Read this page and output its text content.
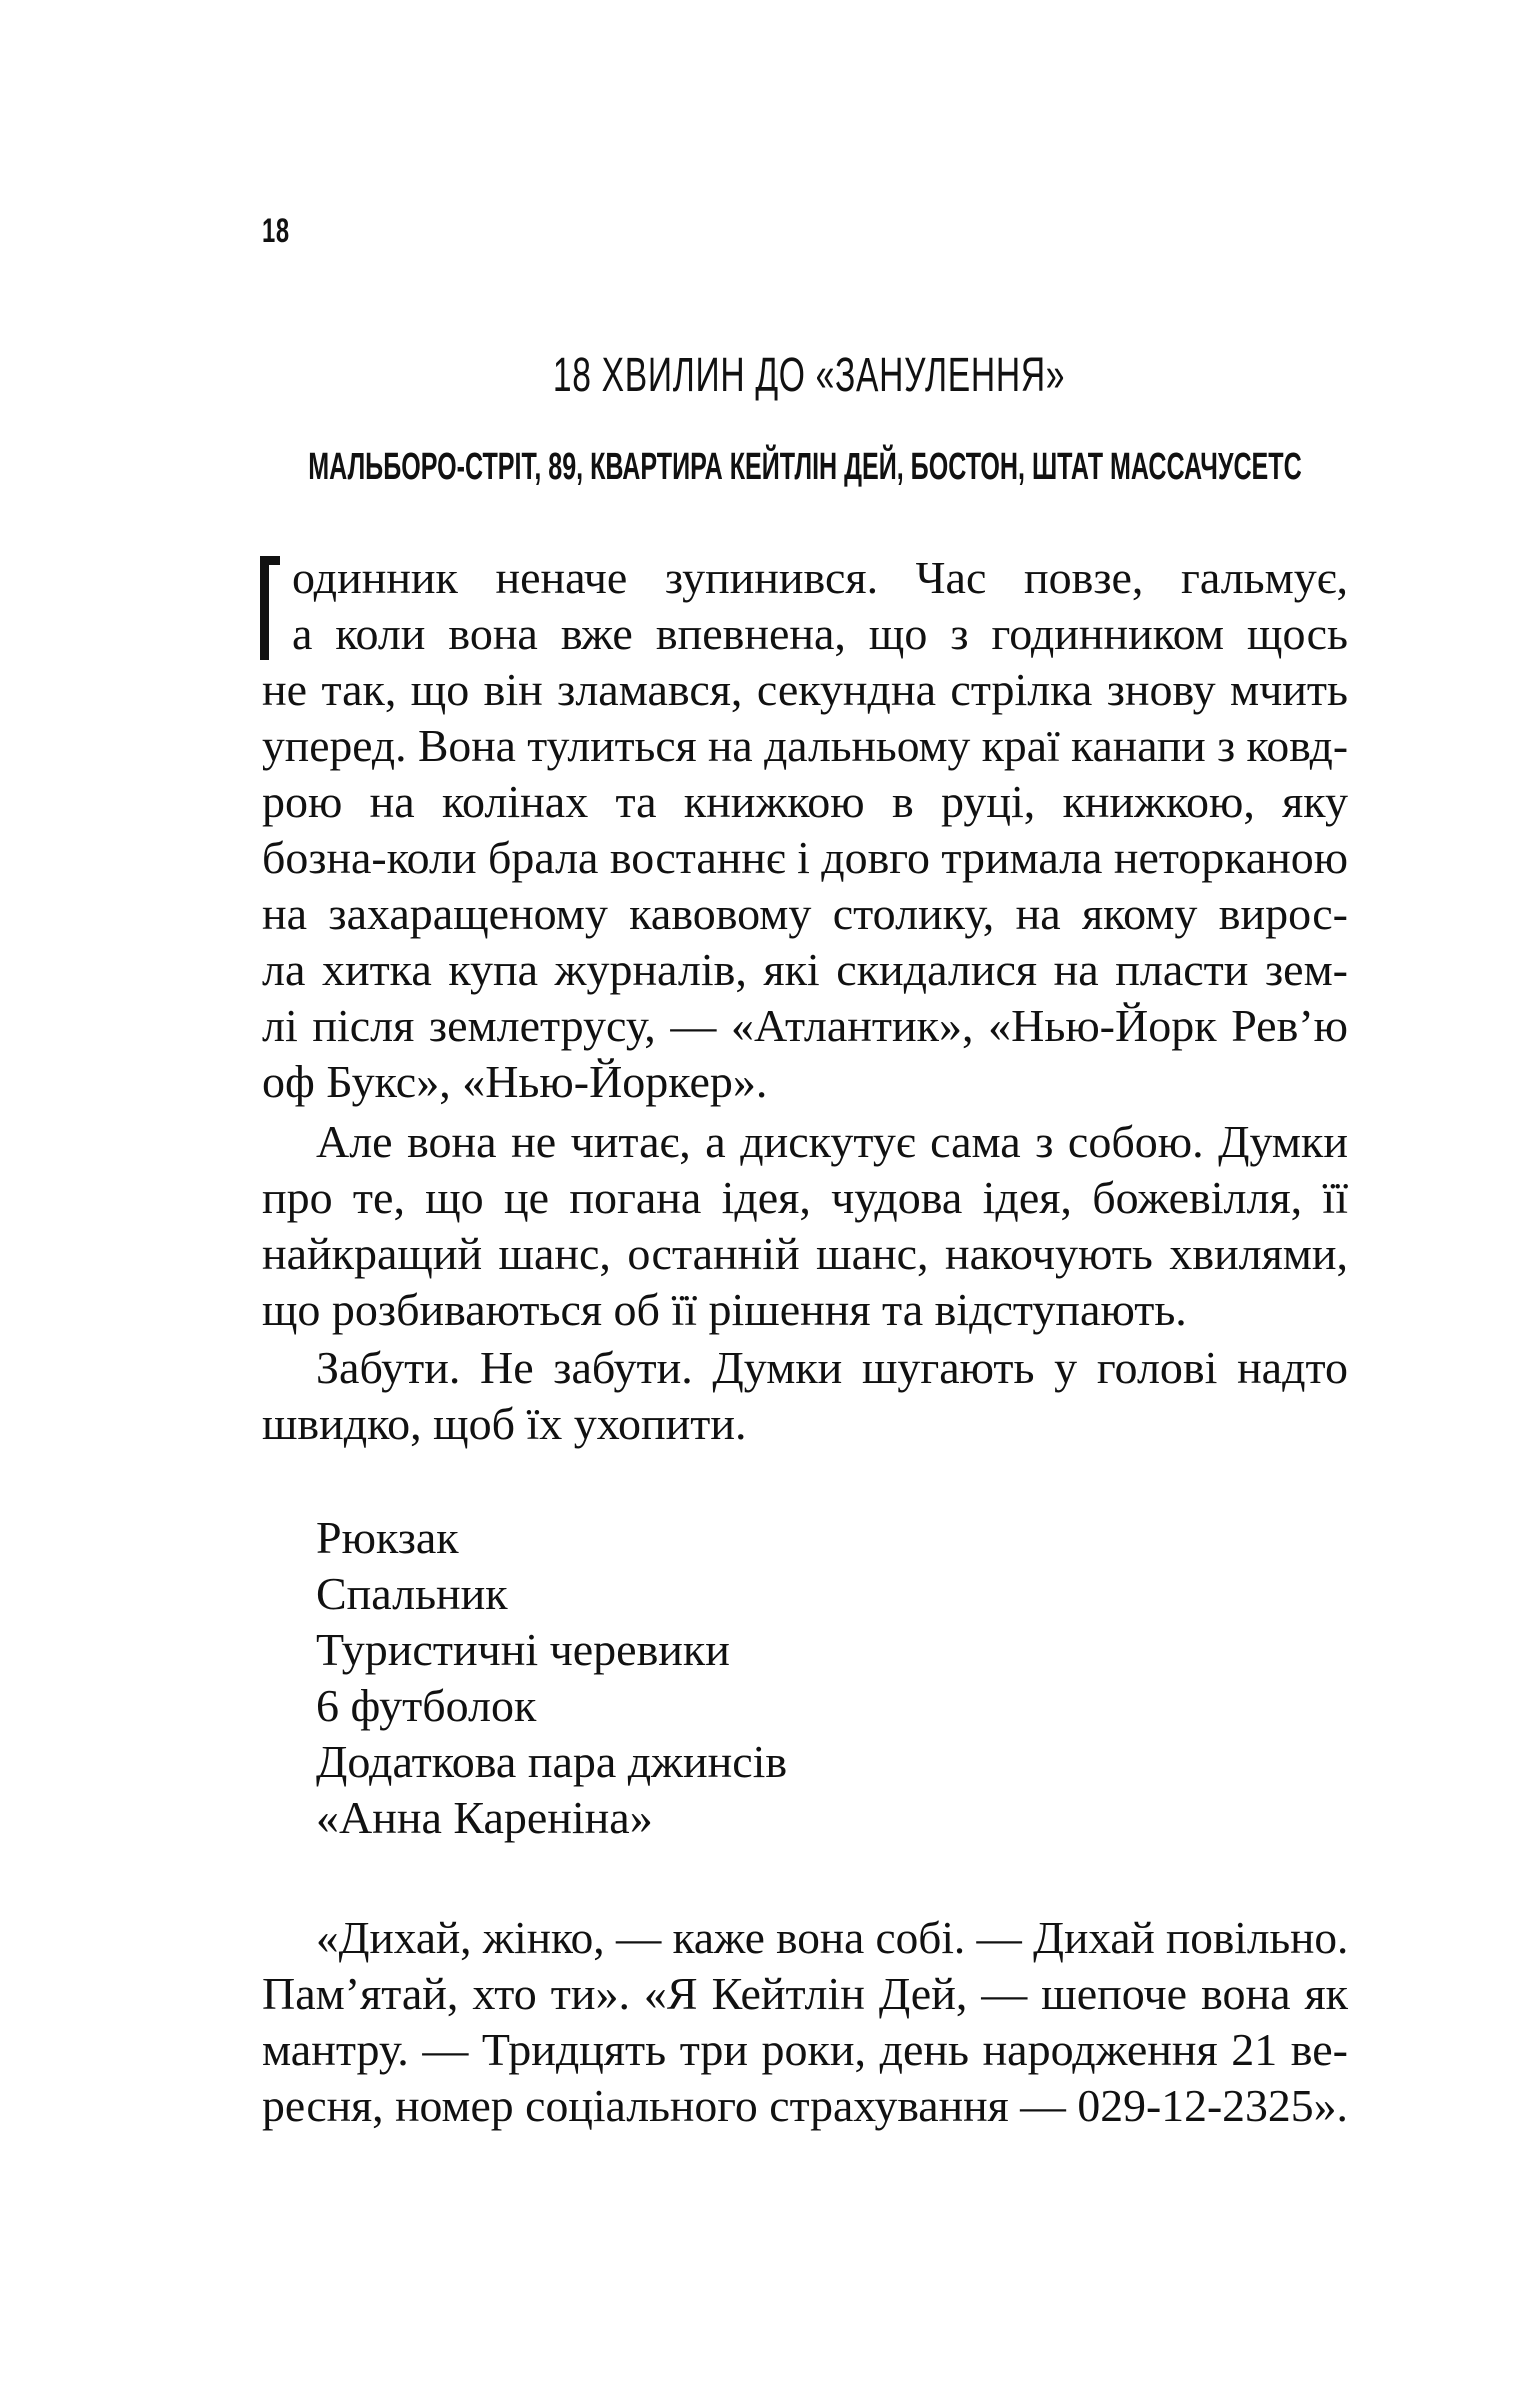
18
18 ХВИЛИН ДО «ЗАНУЛЕННЯ»
МАЛЬБОРО-СТРІТ, 89, КВАРТИРА КЕЙТЛІН ДЕЙ, БОСТОН, ШТАТ МАССАЧУСЕТС
одинник неначе зупинився. Час повзе, гальмує,
а коли вона вже впевнена, що з годинником щось
не так, що він зламався, секундна стрілка знову мчить
уперед. Вона тулиться на дальньому краї канапи з ковд-
рою на колінах та книжкою в руці, книжкою, яку
бозна-коли брала востаннє і довго тримала неторканою
на захаращеному кавовому столику, на якому вирос-
ла хитка купа журналів, які скидалися на пласти зем-
лі після землетрусу, — «Атлантик», «Нью-Йорк Рев’ю
оф Букс», «Нью-Йоркер».
Але вона не читає, а дискутує сама з собою. Думки
про те, що це погана ідея, чудова ідея, божевілля, її
найкращий шанс, останній шанс, накочують хвилями,
що розбиваються об її рішення та відступають.
Забути. Не забути. Думки шугають у голові надто
швидко, щоб їх ухопити.
Рюкзак
Спальник
Туристичні черевики
6 футболок
Додаткова пара джинсів
«Анна Кареніна»
«Дихай, жінко, — каже вона собі. — Дихай повільно.
Пам’ятай, хто ти». «Я Кейтлін Дей, — шепоче вона як
мантру. — Тридцять три роки, день народження 21 ве-
ресня, номер соціального страхування — 029-12-2325».
